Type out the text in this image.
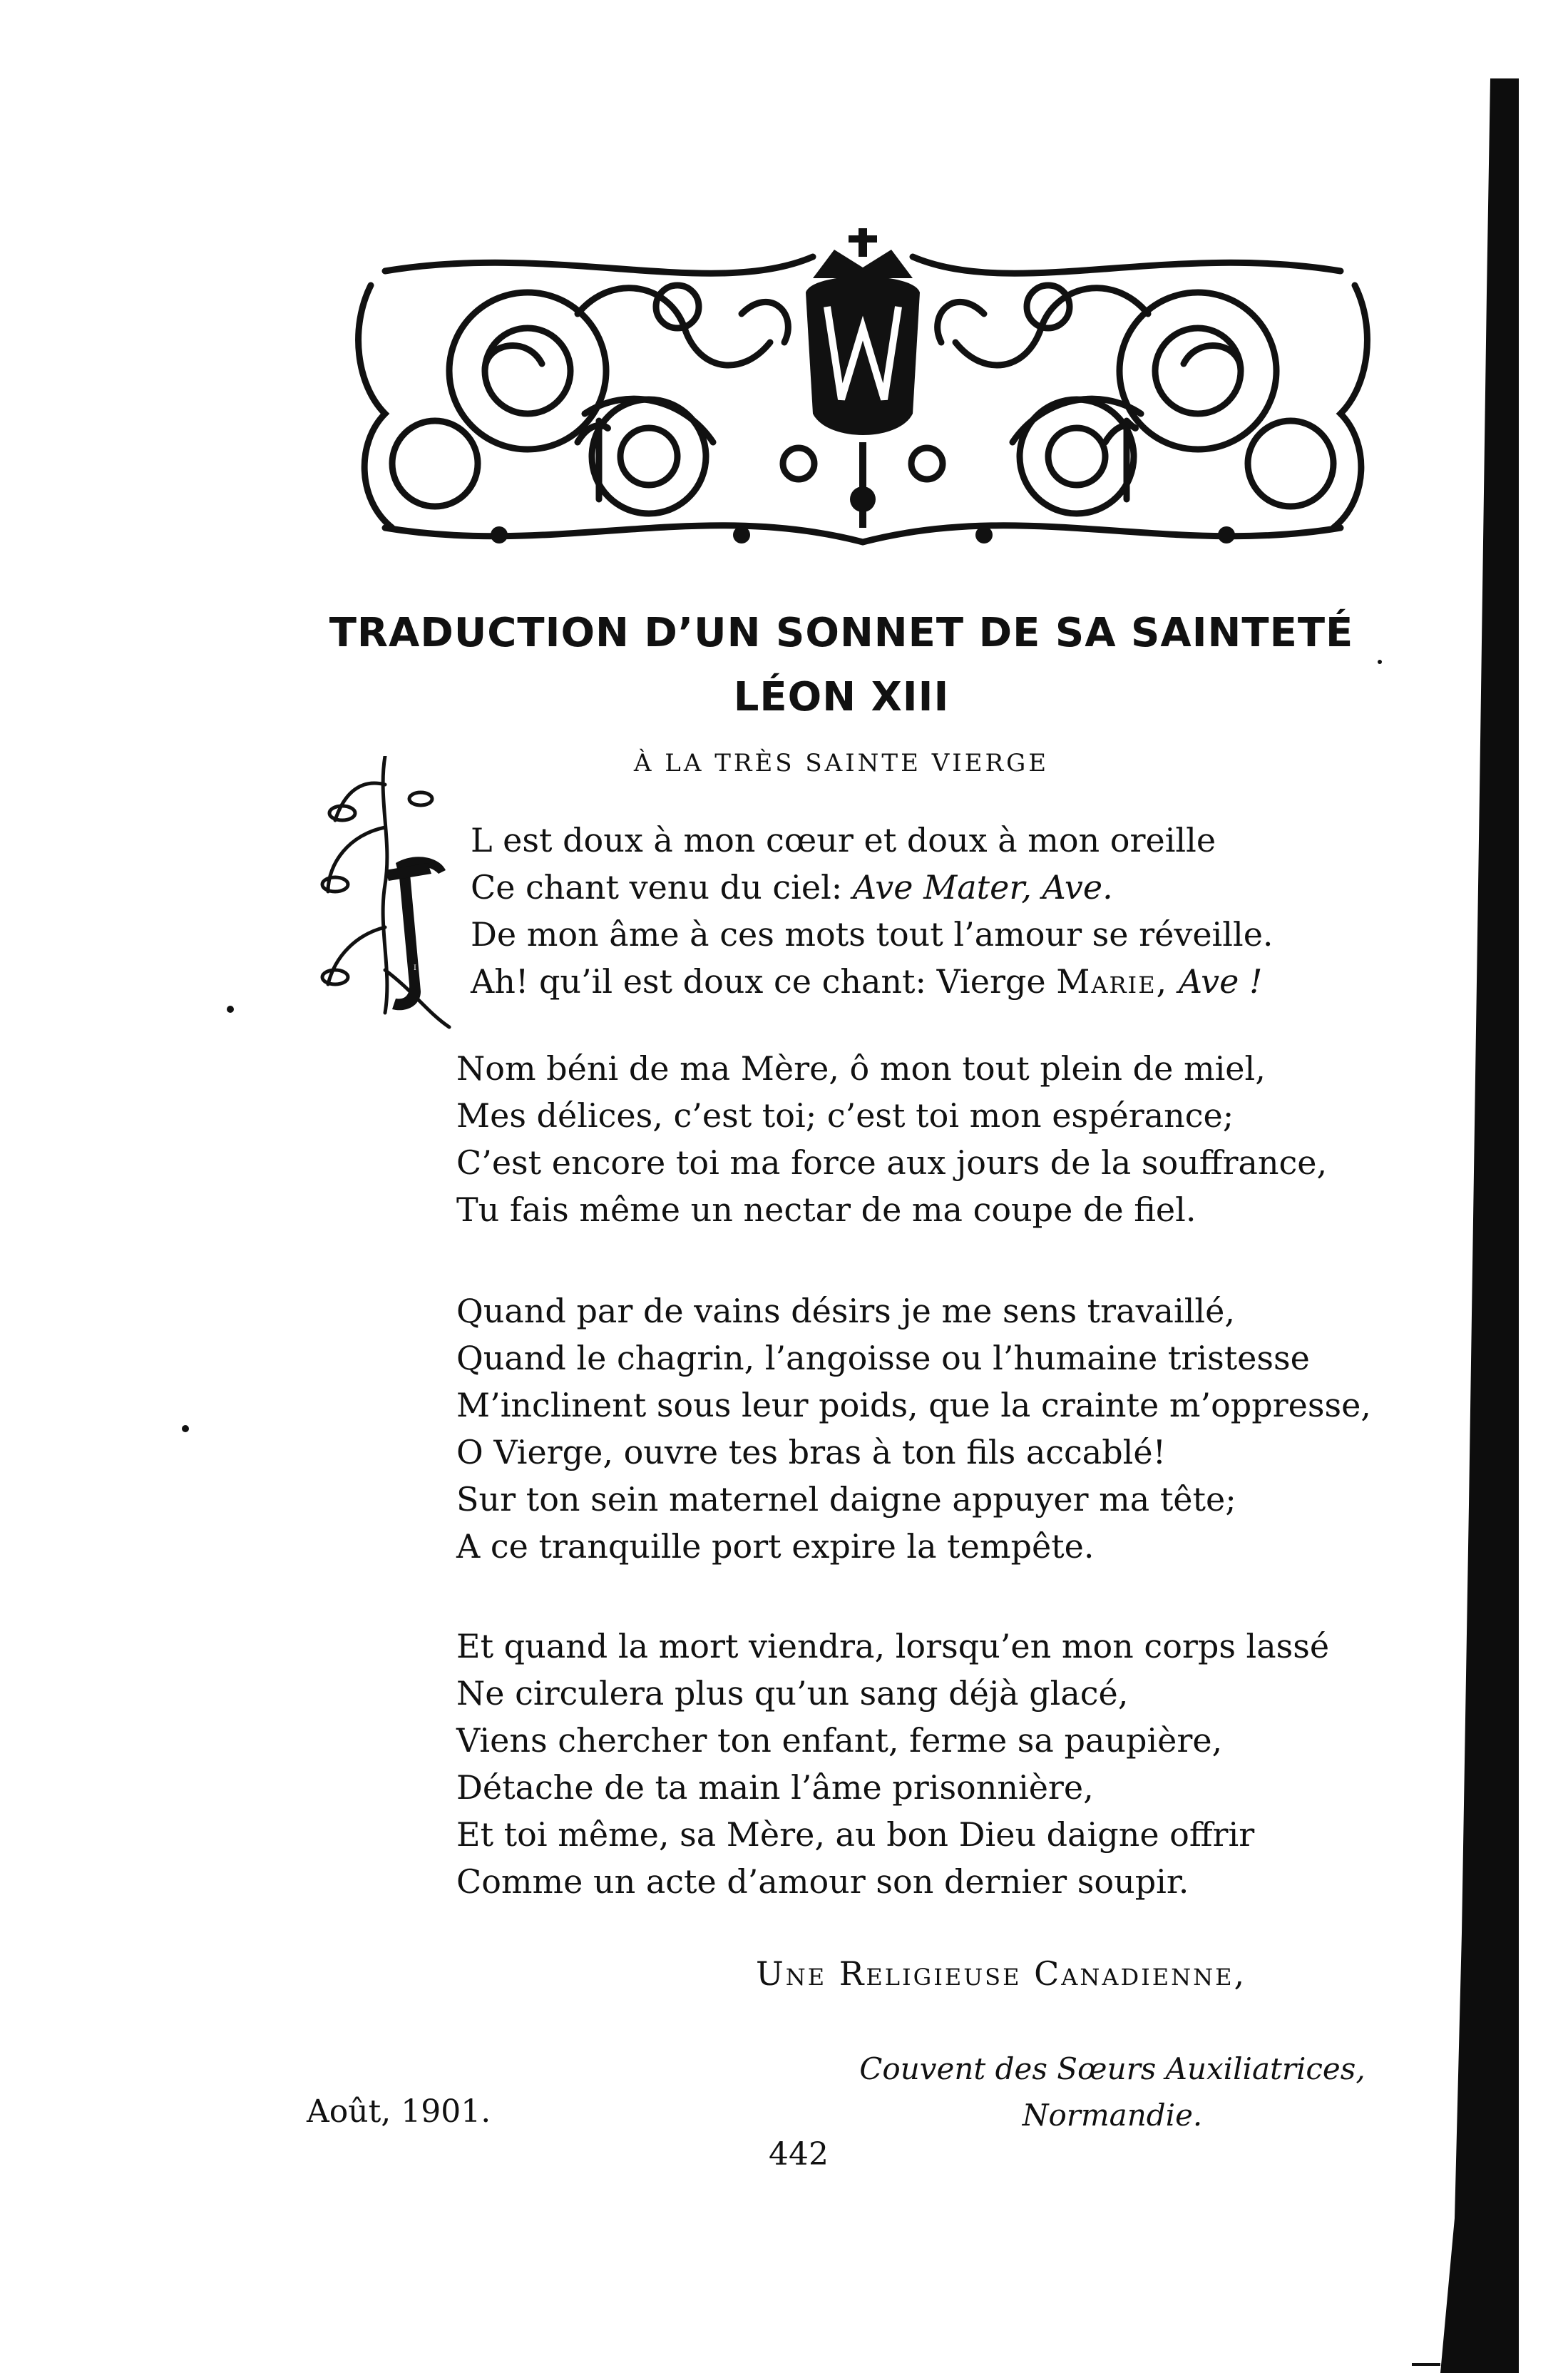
TRADUCTION D’UN SONNET DE SA SAINTETÉ
LÉON XIII
À LA TRÈS SAINTE VIERGE
I
L est doux à mon cœur et doux à mon oreille
Ce chant venu du ciel: Ave Mater, Ave.
De mon âme à ces mots tout l’amour se réveille.
Ah! qu’il est doux ce chant: Vierge Marie, Ave !
Nom béni de ma Mère, ô mon tout plein de miel,
Mes délices, c’est toi; c’est toi mon espérance;
C’est encore toi ma force aux jours de la souffrance,
Tu fais même un nectar de ma coupe de fiel.
Quand par de vains désirs je me sens travaillé,
Quand le chagrin, l’angoisse ou l’humaine tristesse
M’inclinent sous leur poids, que la crainte m’oppresse,
O Vierge, ouvre tes bras à ton fils accablé!
Sur ton sein maternel daigne appuyer ma tête;
A ce tranquille port expire la tempête.
Et quand la mort viendra, lorsqu’en mon corps lassé
Ne circulera plus qu’un sang déjà glacé,
Viens chercher ton enfant, ferme sa paupière,
Détache de ta main l’âme prisonnière,
Et toi même, sa Mère, au bon Dieu daigne offrir
Comme un acte d’amour son dernier soupir.
Une Religieuse Canadienne,
Couvent des Sœurs Auxiliatrices,
Normandie.
Août, 1901.
442
